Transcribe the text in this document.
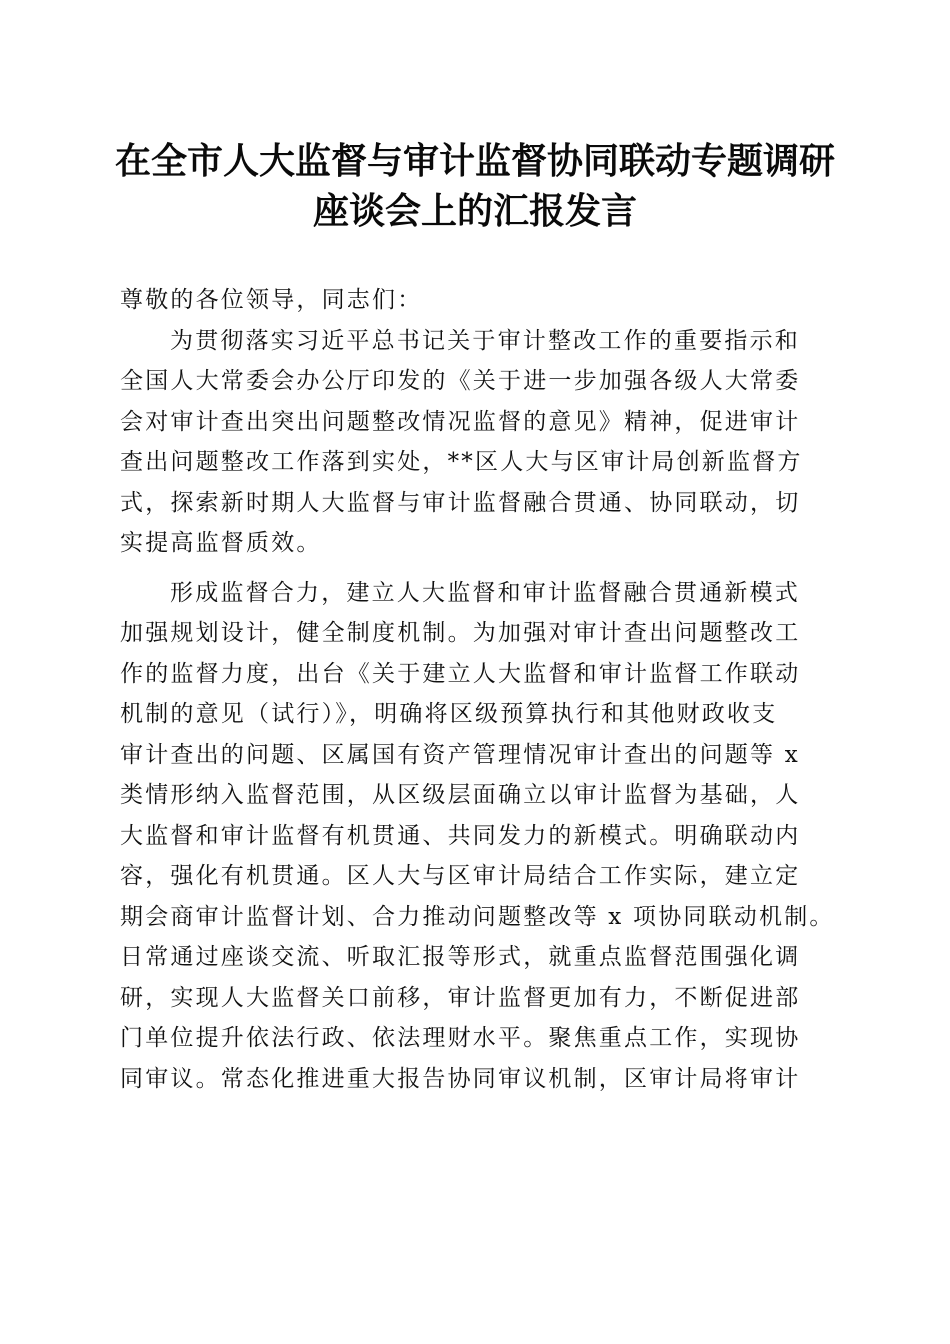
在全市人大监督与审计监督协同联动专题调研
座谈会上的汇报发言
尊敬的各位领导，同志们：
为贯彻落实习近平总书记关于审计整改工作的重要指示和
全国人大常委会办公厅印发的《关于进一步加强各级人大常委
会对审计查出突出问题整改情况监督的意见》精神，促进审计
查出问题整改工作落到实处，**区人大与区审计局创新监督方
式，探索新时期人大监督与审计监督融合贯通、协同联动，切
实提高监督质效。
形成监督合力，建立人大监督和审计监督融合贯通新模式
加强规划设计，健全制度机制。为加强对审计查出问题整改工
作的监督力度，出台《关于建立人大监督和审计监督工作联动
机制的意见（试行）》，明确将区级预算执行和其他财政收支
审计查出的问题、区属国有资产管理情况审计查出的问题等 x
类情形纳入监督范围，从区级层面确立以审计监督为基础，人
大监督和审计监督有机贯通、共同发力的新模式。明确联动内
容，强化有机贯通。区人大与区审计局结合工作实际，建立定
期会商审计监督计划、合力推动问题整改等 x 项协同联动机制。
日常通过座谈交流、听取汇报等形式，就重点监督范围强化调
研，实现人大监督关口前移，审计监督更加有力，不断促进部
门单位提升依法行政、依法理财水平。聚焦重点工作，实现协
同审议。常态化推进重大报告协同审议机制，区审计局将审计
